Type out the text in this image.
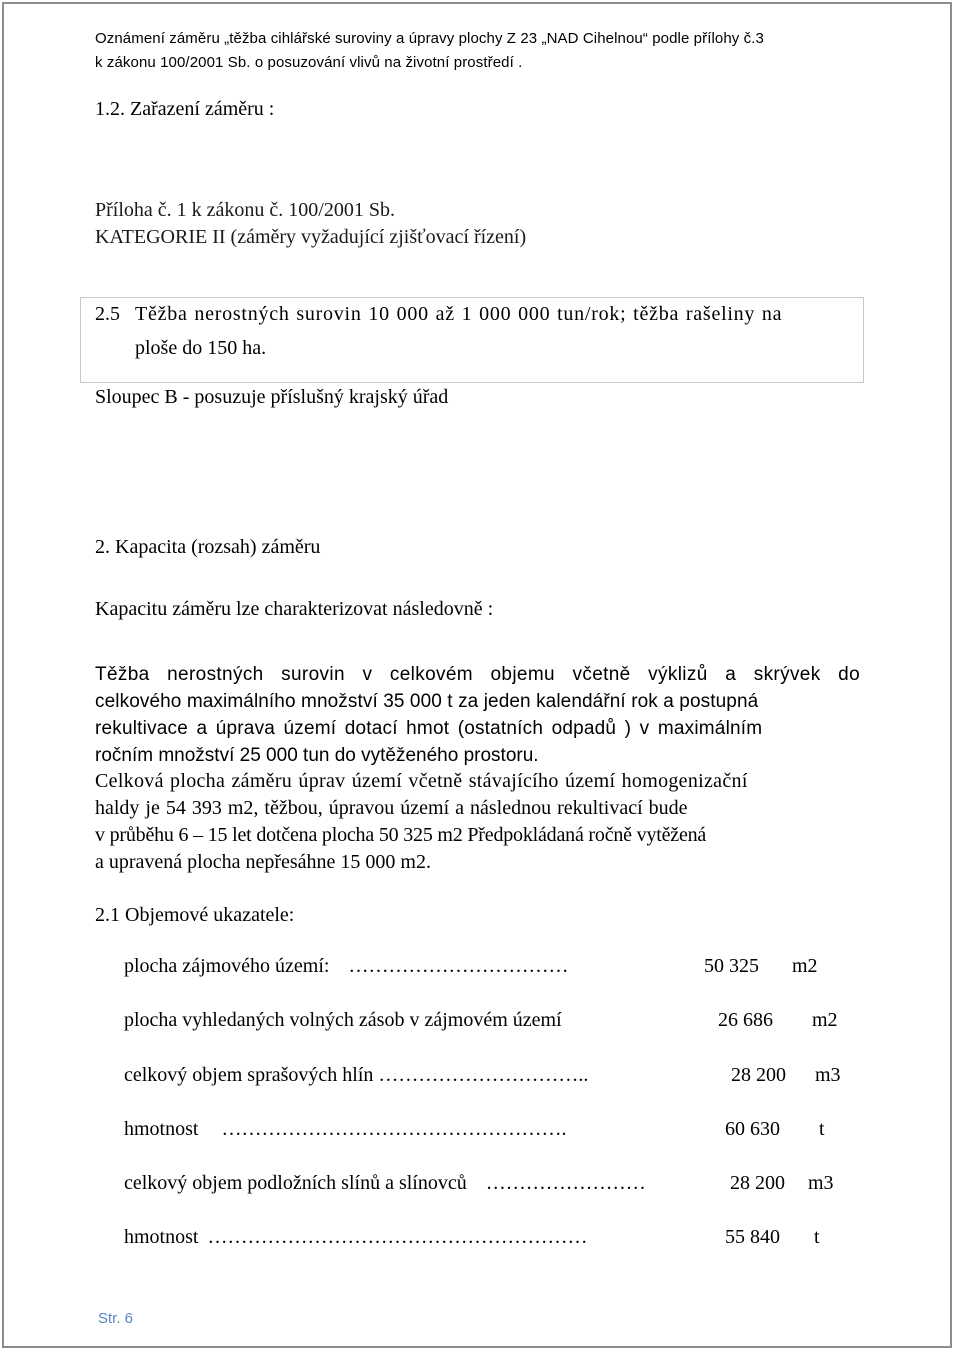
Oznámení záměru „těžba cihlářské suroviny a úpravy plochy Z 23 „NAD Cihelnou“ podle přílohy č.3
k zákonu 100/2001 Sb. o posuzování vlivů na životní prostředí .
1.2. Zařazení záměru :
Příloha č. 1 k zákonu č. 100/2001 Sb.
KATEGORIE II (záměry vyžadující zjišťovací řízení)
2.5 Těžba nerostných surovin 10 000 až 1 000 000 tun/rok; těžba rašeliny na
ploše do 150 ha.
Sloupec B - posuzuje příslušný krajský úřad
2. Kapacita (rozsah) záměru
Kapacitu záměru lze charakterizovat následovně :
Těžba nerostných surovin v celkovém objemu včetně výklizů a skrývek do
celkového maximálního množství 35 000 t za jeden kalendářní rok a postupná
rekultivace a úprava území dotací hmot (ostatních odpadů ) v maximálním
ročním množství 25 000 tun do vytěženého prostoru.
Celková plocha záměru úprav území včetně stávajícího území homogenizační
haldy je 54 393 m2, těžbou, úpravou území a následnou rekultivací bude
v průběhu 6 – 15 let dotčena plocha 50 325 m2 Předpokládaná ročně vytěžená
a upravená plocha nepřesáhne 15 000 m2.
2.1 Objemové ukazatele:
plocha zájmového území: ……………………………	50 325 m2
plocha vyhledaných volných zásob v zájmovém území	26 686 m2
celkový objem sprašových hlín …………………………..	28 200 m3
hmotnost …………………………………………….	60 630 t
celkový objem podložních slínů a slínovců ……………………	28 200 m3
hmotnost …………………………………………………	55 840 t
Str. 6
